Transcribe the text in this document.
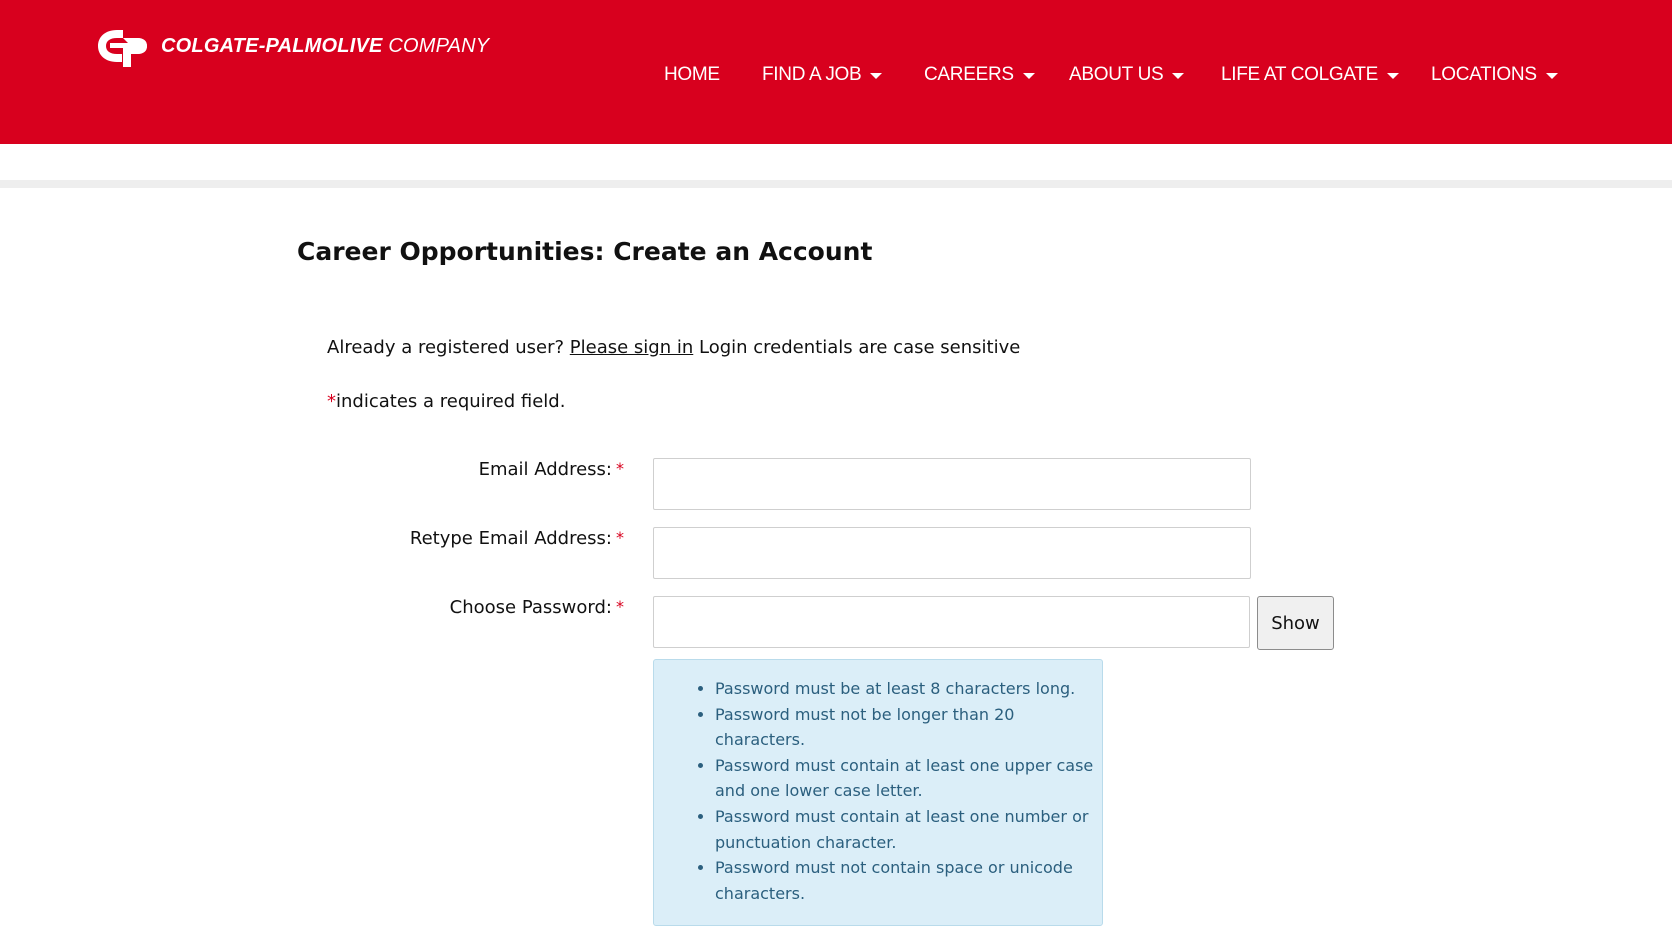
COLGATE-PALMOLIVE COMPANY
HOME FIND A JOB	CAREERS	ABOUT US	LIFE AT COLGATE	LOCATIONS
Career Opportunities: Create an Account
Already a registered user? Please sign in Login credentials are case sensitive
*indicates a required field.
Email Address: *
Retype Email Address: *
Choose Password: *
Show
• Password must be at least 8 characters long.
• Password must not be longer than 20 characters.
• Password must contain at least one upper case and one lower case letter.
• Password must contain at least one number or punctuation character.
• Password must not contain space or unicode characters.
